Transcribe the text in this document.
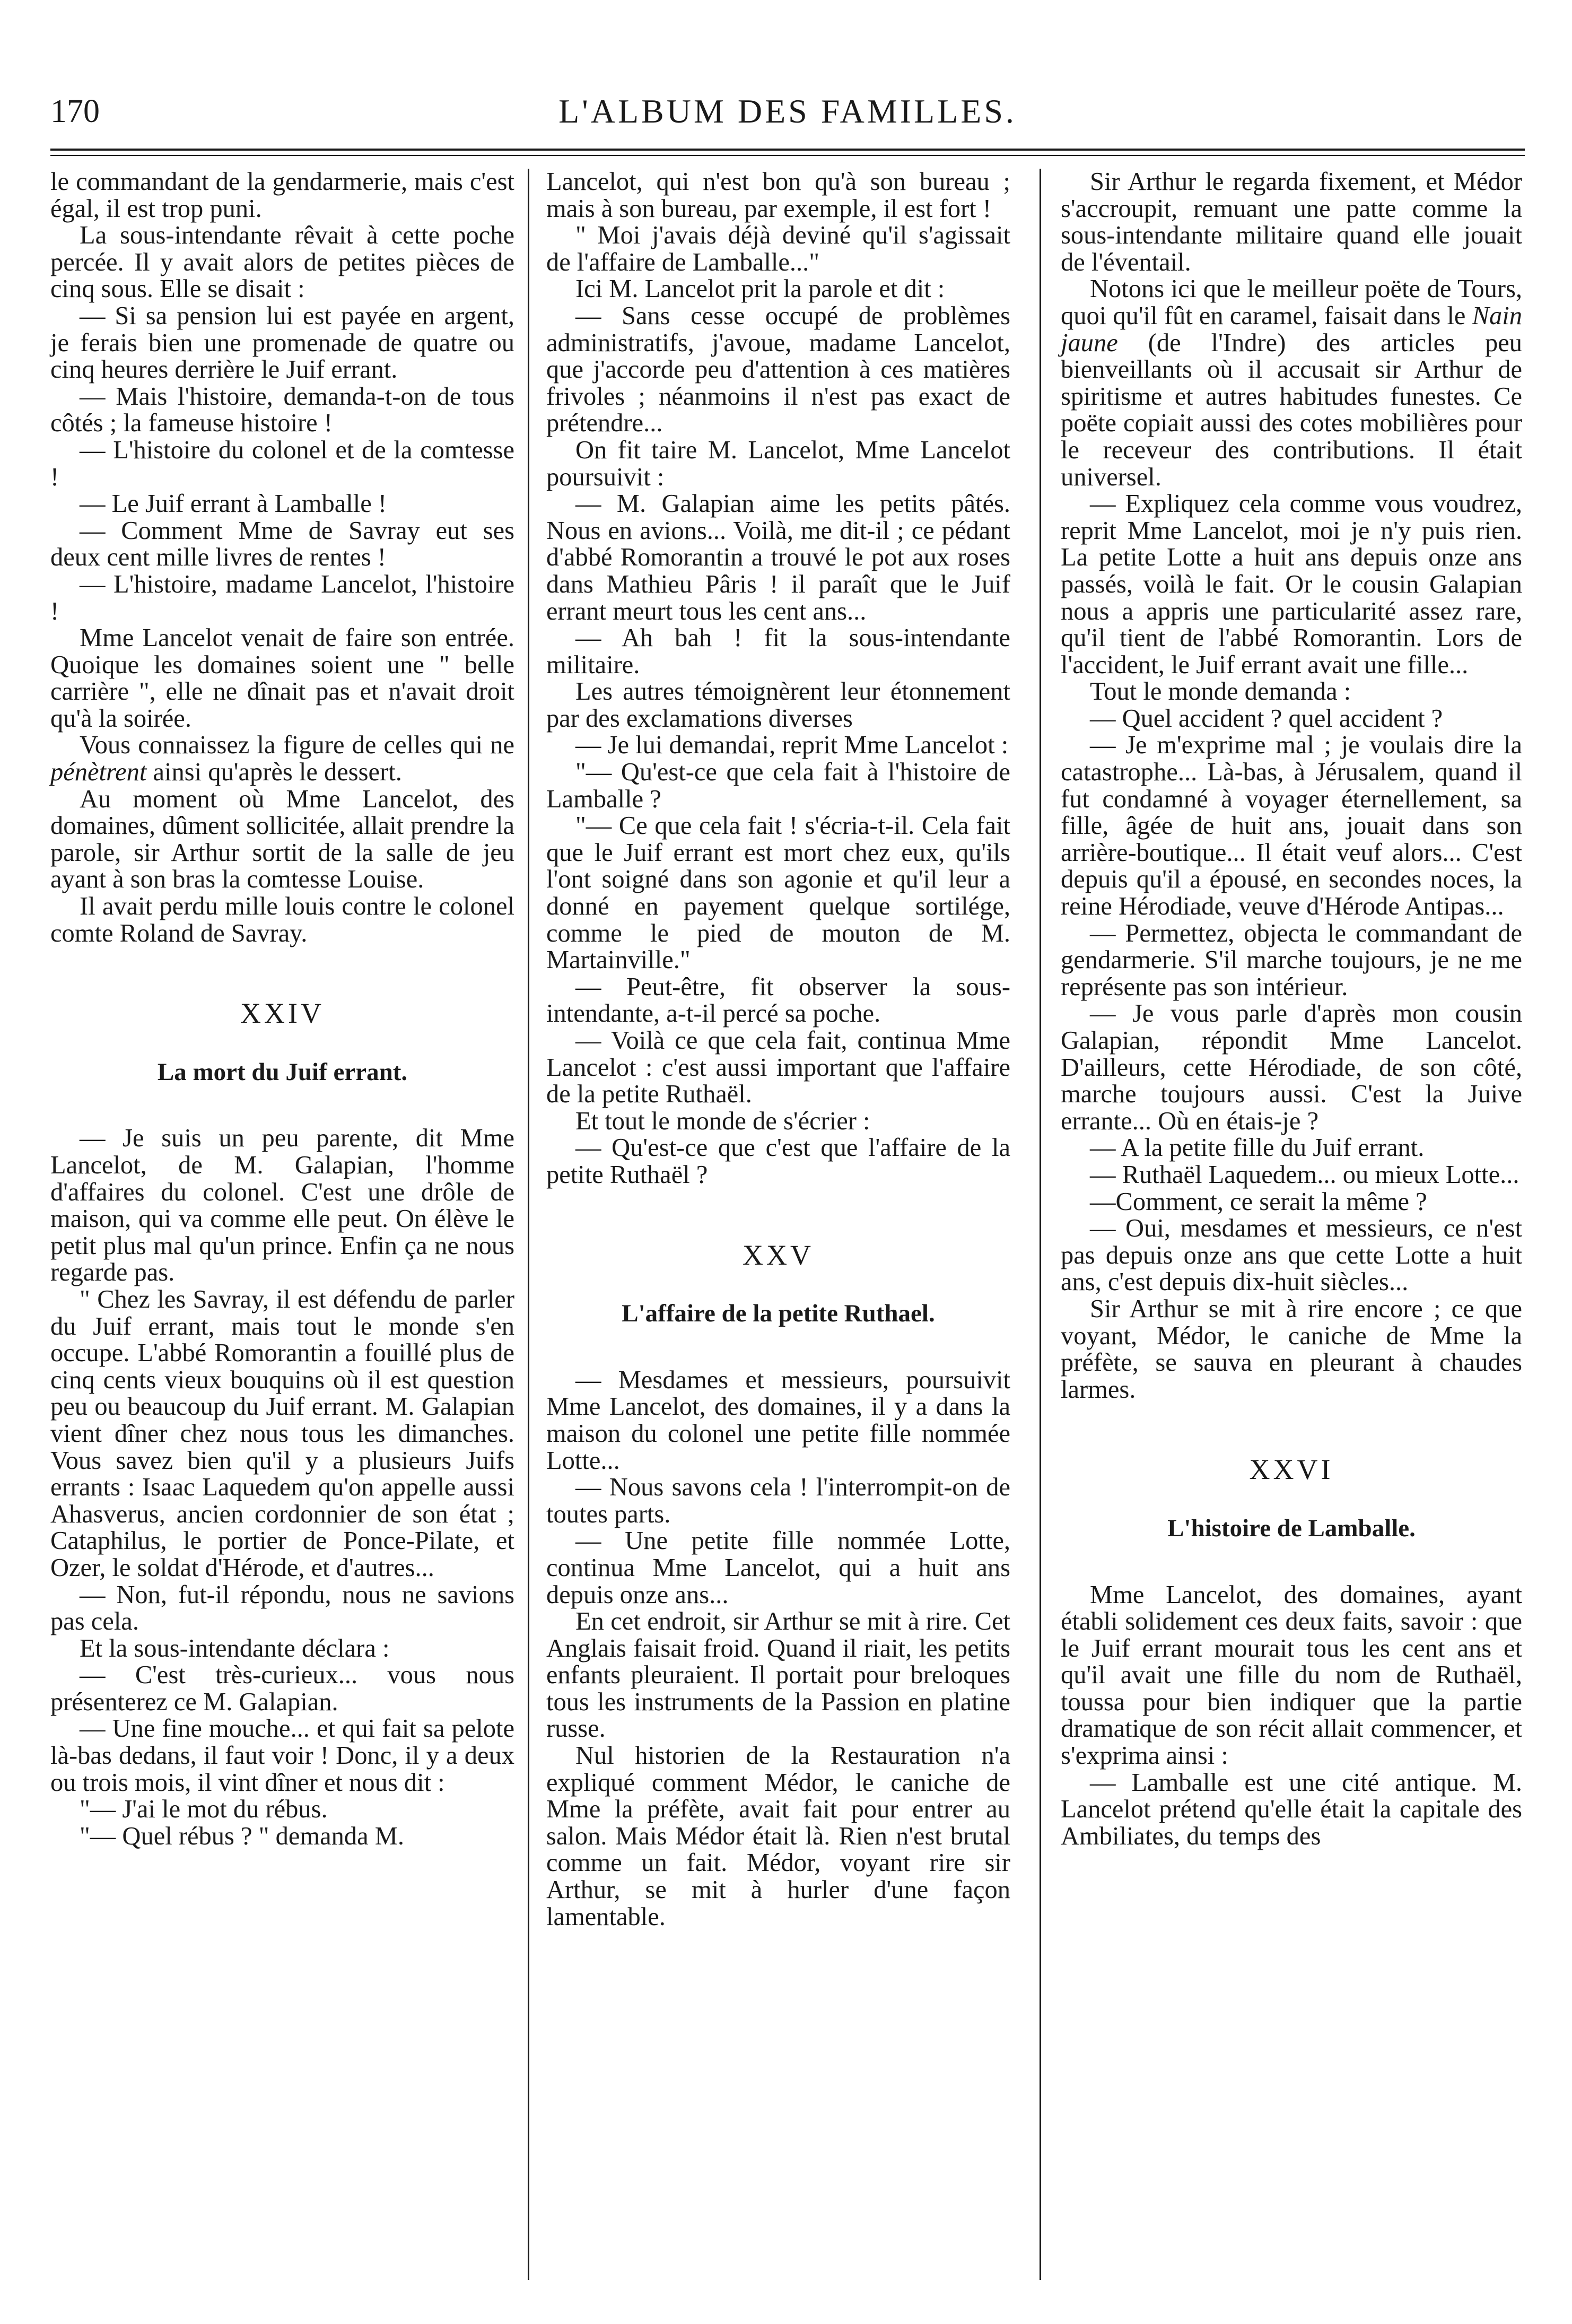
170	L'ALBUM DES FAMILLES.

le commandant de la gendarmerie, mais c'est égal, il est trop puni.

La sous-intendante rêvait à cette poche percée. Il y avait alors de petites pièces de cinq sous. Elle se disait :

— Si sa pension lui est payée en argent, je ferais bien une promenade de quatre ou cinq heures derrière le Juif errant.

— Mais l'histoire, demanda-t-on de tous côtés ; la fameuse histoire !

— L'histoire du colonel et de la comtesse !

— Le Juif errant à Lamballe !

— Comment Mme de Savray eut ses deux cent mille livres de rentes !

— L'histoire, madame Lancelot, l'histoire !

Mme Lancelot venait de faire son entrée. Quoique les domaines soient une " belle carrière ", elle ne dînait pas et n'avait droit qu'à la soirée.

Vous connaissez la figure de celles qui ne pénètrent ainsi qu'après le dessert.

Au moment où Mme Lancelot, des domaines, dûment sollicitée, allait prendre la parole, sir Arthur sortit de la salle de jeu ayant à son bras la comtesse Louise.

Il avait perdu mille louis contre le colonel comte Roland de Savray.

XXIV
La mort du Juif errant.

— Je suis un peu parente, dit Mme Lancelot, de M. Galapian, l'homme d'affaires du colonel. C'est une drôle de maison, qui va comme elle peut. On élève le petit plus mal qu'un prince. Enfin ça ne nous regarde pas.

" Chez les Savray, il est défendu de parler du Juif errant, mais tout le monde s'en occupe. L'abbé Romorantin a fouillé plus de cinq cents vieux bouquins où il est question peu ou beaucoup du Juif errant. M. Galapian vient dîner chez nous tous les dimanches. Vous savez bien qu'il y a plusieurs Juifs errants : Isaac Laquedem qu'on appelle aussi Ahasverus, ancien cordonnier de son état ; Cataphilus, le portier de Ponce-Pilate, et Ozer, le soldat d'Hérode, et d'autres...

— Non, fut-il répondu, nous ne savions pas cela.

Et la sous-intendante déclara :

— C'est très-curieux... vous nous présenterez ce M. Galapian.

— Une fine mouche... et qui fait sa pelote là-bas dedans, il faut voir ! Donc, il y a deux ou trois mois, il vint dîner et nous dit :

"— J'ai le mot du rébus.

"— Quel rébus ? " demanda M.

Lancelot, qui n'est bon qu'à son bureau ; mais à son bureau, par exemple, il est fort !

" Moi j'avais déjà deviné qu'il s'agissait de l'affaire de Lamballe..."

Ici M. Lancelot prit la parole et dit :

— Sans cesse occupé de problèmes administratifs, j'avoue, madame Lancelot, que j'accorde peu d'attention à ces matières frivoles ; néanmoins il n'est pas exact de prétendre...

On fit taire M. Lancelot, Mme Lancelot poursuivit :

— M. Galapian aime les petits pâtés. Nous en avions... Voilà, me dit-il ; ce pédant d'abbé Romorantin a trouvé le pot aux roses dans Mathieu Pâris ! il paraît que le Juif errant meurt tous les cent ans...

— Ah bah ! fit la sous-intendante militaire.

Les autres témoignèrent leur étonnement par des exclamations diverses

— Je lui demandai, reprit Mme Lancelot :

"— Qu'est-ce que cela fait à l'histoire de Lamballe ?

"— Ce que cela fait ! s'écria-t-il. Cela fait que le Juif errant est mort chez eux, qu'ils l'ont soigné dans son agonie et qu'il leur a donné en payement quelque sortilége, comme le pied de mouton de M. Martainville."

— Peut-être, fit observer la sous-intendante, a-t-il percé sa poche.

— Voilà ce que cela fait, continua Mme Lancelot : c'est aussi important que l'affaire de la petite Ruthaël.

Et tout le monde de s'écrier :

— Qu'est-ce que c'est que l'affaire de la petite Ruthaël ?

XXV
L'affaire de la petite Ruthael.

— Mesdames et messieurs, poursuivit Mme Lancelot, des domaines, il y a dans la maison du colonel une petite fille nommée Lotte...

— Nous savons cela ! l'interrompit-on de toutes parts.

— Une petite fille nommée Lotte, continua Mme Lancelot, qui a huit ans depuis onze ans...

En cet endroit, sir Arthur se mit à rire. Cet Anglais faisait froid. Quand il riait, les petits enfants pleuraient. Il portait pour breloques tous les instruments de la Passion en platine russe.

Nul historien de la Restauration n'a expliqué comment Médor, le caniche de Mme la préfète, avait fait pour entrer au salon. Mais Médor était là. Rien n'est brutal comme un fait. Médor, voyant rire sir Arthur, se mit à hurler d'une façon lamentable.

Sir Arthur le regarda fixement, et Médor s'accroupit, remuant une patte comme la sous-intendante militaire quand elle jouait de l'éventail.

Notons ici que le meilleur poëte de Tours, quoi qu'il fût en caramel, faisait dans le Nain jaune (de l'Indre) des articles peu bienveillants où il accusait sir Arthur de spiritisme et autres habitudes funestes. Ce poëte copiait aussi des cotes mobilières pour le receveur des contributions. Il était universel.

— Expliquez cela comme vous voudrez, reprit Mme Lancelot, moi je n'y puis rien. La petite Lotte a huit ans depuis onze ans passés, voilà le fait. Or le cousin Galapian nous a appris une particularité assez rare, qu'il tient de l'abbé Romorantin. Lors de l'accident, le Juif errant avait une fille...

Tout le monde demanda :

— Quel accident ? quel accident ?

— Je m'exprime mal ; je voulais dire la catastrophe... Là-bas, à Jérusalem, quand il fut condamné à voyager éternellement, sa fille, âgée de huit ans, jouait dans son arrière-boutique... Il était veuf alors... C'est depuis qu'il a épousé, en secondes noces, la reine Hérodiade, veuve d'Hérode Antipas...

— Permettez, objecta le commandant de gendarmerie. S'il marche toujours, je ne me représente pas son intérieur.

— Je vous parle d'après mon cousin Galapian, répondit Mme Lancelot. D'ailleurs, cette Hérodiade, de son côté, marche toujours aussi. C'est la Juive errante... Où en étais-je ?

— A la petite fille du Juif errant.

— Ruthaël Laquedem... ou mieux Lotte...

—Comment, ce serait la même ?

— Oui, mesdames et messieurs, ce n'est pas depuis onze ans que cette Lotte a huit ans, c'est depuis dix-huit siècles...

Sir Arthur se mit à rire encore ; ce que voyant, Médor, le caniche de Mme la préfète, se sauva en pleurant à chaudes larmes.

XXVI
L'histoire de Lamballe.

Mme Lancelot, des domaines, ayant établi solidement ces deux faits, savoir : que le Juif errant mourait tous les cent ans et qu'il avait une fille du nom de Ruthaël, toussa pour bien indiquer que la partie dramatique de son récit allait commencer, et s'exprima ainsi :

— Lamballe est une cité antique. M. Lancelot prétend qu'elle était la capitale des Ambiliates, du temps des
